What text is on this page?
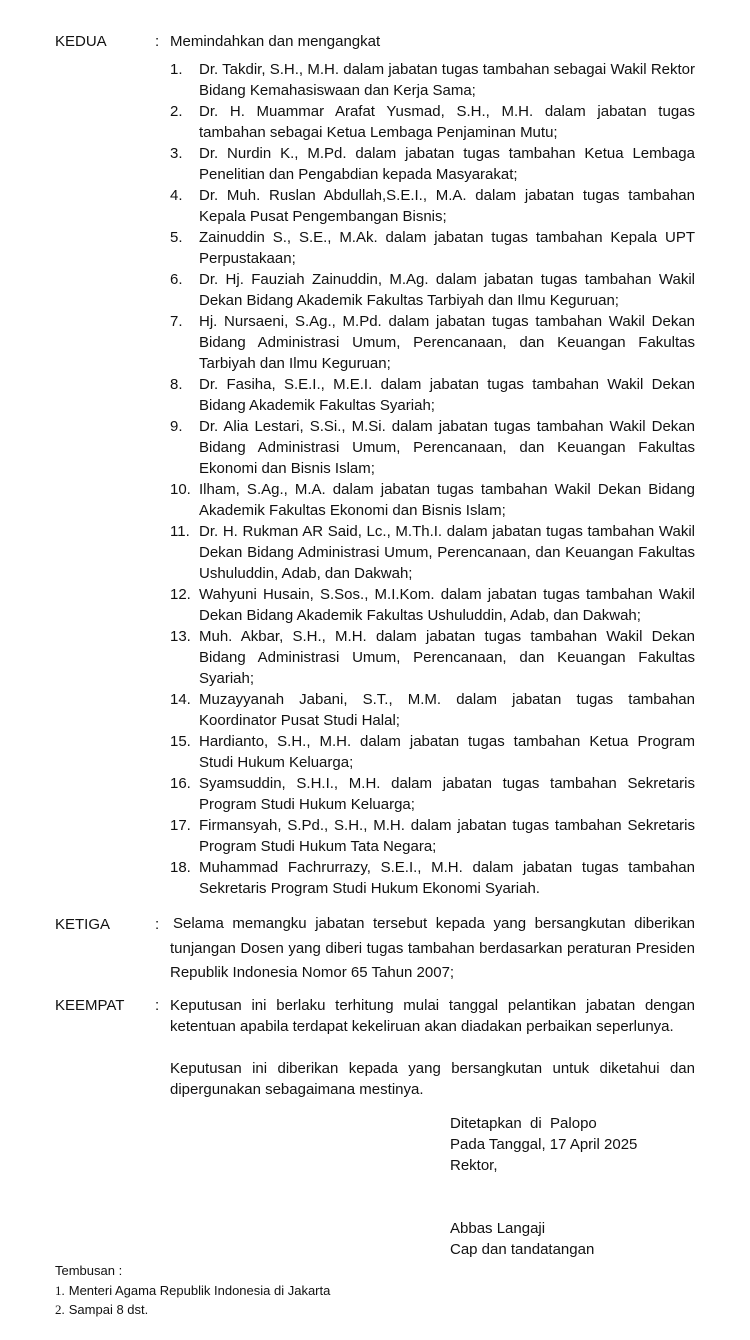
KEDUA	: Memindahkan dan mengangkat
1. Dr. Takdir, S.H., M.H. dalam jabatan tugas tambahan sebagai Wakil Rektor Bidang Kemahasiswaan dan Kerja Sama;
2. Dr. H. Muammar Arafat Yusmad, S.H., M.H. dalam jabatan tugas tambahan sebagai Ketua Lembaga Penjaminan Mutu;
3. Dr. Nurdin K., M.Pd. dalam jabatan tugas tambahan Ketua Lembaga Penelitian dan Pengabdian kepada Masyarakat;
4. Dr. Muh. Ruslan Abdullah,S.E.I., M.A. dalam jabatan tugas tambahan Kepala Pusat Pengembangan Bisnis;
5. Zainuddin S., S.E., M.Ak. dalam jabatan tugas tambahan Kepala UPT Perpustakaan;
6. Dr. Hj. Fauziah Zainuddin, M.Ag. dalam jabatan tugas tambahan Wakil Dekan Bidang Akademik Fakultas Tarbiyah dan Ilmu Keguruan;
7. Hj. Nursaeni, S.Ag., M.Pd. dalam jabatan tugas tambahan Wakil Dekan Bidang Administrasi Umum, Perencanaan, dan Keuangan Fakultas Tarbiyah dan Ilmu Keguruan;
8. Dr. Fasiha, S.E.I., M.E.I. dalam jabatan tugas tambahan Wakil Dekan Bidang Akademik Fakultas Syariah;
9. Dr. Alia Lestari, S.Si., M.Si. dalam jabatan tugas tambahan Wakil Dekan Bidang Administrasi Umum, Perencanaan, dan Keuangan Fakultas Ekonomi dan Bisnis Islam;
10. Ilham, S.Ag., M.A. dalam jabatan tugas tambahan Wakil Dekan Bidang Akademik Fakultas Ekonomi dan Bisnis Islam;
11. Dr. H. Rukman AR Said, Lc., M.Th.I. dalam jabatan tugas tambahan Wakil Dekan Bidang Administrasi Umum, Perencanaan, dan Keuangan Fakultas Ushuluddin, Adab, dan Dakwah;
12. Wahyuni Husain, S.Sos., M.I.Kom. dalam jabatan tugas tambahan Wakil Dekan Bidang Akademik Fakultas Ushuluddin, Adab, dan Dakwah;
13. Muh. Akbar, S.H., M.H. dalam jabatan tugas tambahan Wakil Dekan Bidang Administrasi Umum, Perencanaan, dan Keuangan Fakultas Syariah;
14. Muzayyanah Jabani, S.T., M.M. dalam jabatan tugas tambahan Koordinator Pusat Studi Halal;
15. Hardianto, S.H., M.H. dalam jabatan tugas tambahan Ketua Program Studi Hukum Keluarga;
16. Syamsuddin, S.H.I., M.H. dalam jabatan tugas tambahan Sekretaris Program Studi Hukum Keluarga;
17. Firmansyah, S.Pd., S.H., M.H. dalam jabatan tugas tambahan Sekretaris Program Studi Hukum Tata Negara;
18. Muhammad Fachrurrazy, S.E.I., M.H. dalam jabatan tugas tambahan Sekretaris Program Studi Hukum Ekonomi Syariah.
KETIGA	: Selama memangku jabatan tersebut kepada yang bersangkutan diberikan tunjangan Dosen yang diberi tugas tambahan berdasarkan peraturan Presiden Republik Indonesia Nomor 65 Tahun 2007;
KEEMPAT : Keputusan ini berlaku terhitung mulai tanggal pelantikan jabatan dengan ketentuan apabila terdapat kekeliruan akan diadakan perbaikan seperlunya.
Keputusan ini diberikan kepada yang bersangkutan untuk diketahui dan dipergunakan sebagaimana mestinya.
Ditetapkan  di  Palopo
Pada Tanggal, 17 April 2025
Rektor,
Abbas Langaji
Cap dan tandatangan
Tembusan :
1. Menteri Agama Republik Indonesia di Jakarta
2. Sampai 8 dst.
